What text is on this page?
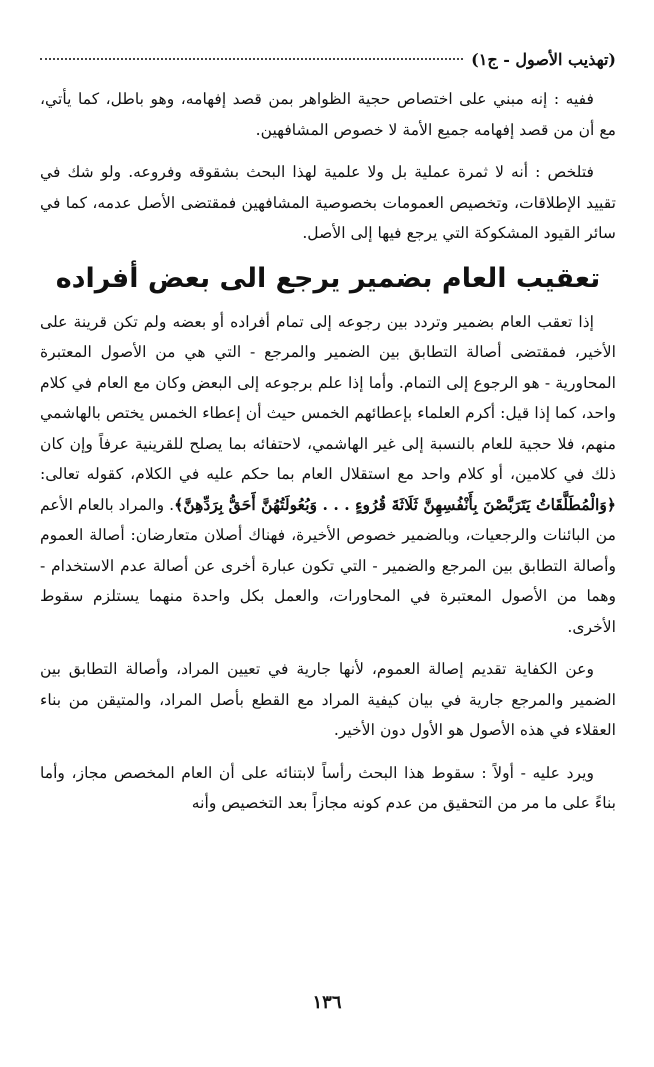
(تهذيب الأصول - ج١)

ففيه : إنه مبني على اختصاص حجية الظواهر بمن قصد إفهامه، وهو باطل، كما يأتي، مع أن من قصد إفهامه جميع الأمة لا خصوص المشافهين.

فتلخص : أنه لا ثمرة عملية بل ولا علمية لهذا البحث بشقوقه وفروعه. ولو شك في تقييد الإطلاقات، وتخصيص العمومات بخصوصية المشافهين فمقتضى الأصل عدمه، كما في سائر القيود المشكوكة التي يرجع فيها إلى الأصل.

تعقيب العام بضمير يرجع الى بعض أفراده

إذا تعقب العام بضمير وتردد بين رجوعه إلى تمام أفراده أو بعضه ولم تكن قرينة على الأخير، فمقتضى أصالة التطابق بين الضمير والمرجع - التي هي من الأصول المعتبرة المحاورية - هو الرجوع إلى التمام. وأما إذا علم برجوعه إلى البعض وكان مع العام في كلام واحد، كما إذا قيل: أكرم العلماء بإعطائهم الخمس حيث أن إعطاء الخمس يختص بالهاشمي منهم، فلا حجية للعام بالنسبة إلى غير الهاشمي، لاحتفائه بما يصلح للقرينية عرفاً وإن كان ذلك في كلامين، أو كلام واحد مع استقلال العام بما حكم عليه في الكلام، كقوله تعالى: ﴿وَالْمُطَلَّقَاتُ يَتَرَبَّصْنَ بِأَنْفُسِهِنَّ ثَلَاثَةَ قُرُوءٍ . . . وَبُعُولَتُهُنَّ أَحَقُّ بِرَدِّهِنَّ﴾. والمراد بالعام الأعم من البائنات والرجعيات، وبالضمير خصوص الأخيرة، فهناك أصلان متعارضان: أصالة العموم وأصالة التطابق بين المرجع والضمير - التي تكون عبارة أخرى عن أصالة عدم الاستخدام - وهما من الأصول المعتبرة في المحاورات، والعمل بكل واحدة منهما يستلزم سقوط الأخرى.

وعن الكفاية تقديم إصالة العموم، لأنها جارية في تعيين المراد، وأصالة التطابق بين الضمير والمرجع جارية في بيان كيفية المراد مع القطع بأصل المراد، والمتيقن من بناء العقلاء في هذه الأصول هو الأول دون الأخير.

ويرد عليه - أولاً : سقوط هذا البحث رأساً لابتنائه على أن العام المخصص مجاز، وأما بناءً على ما مر من التحقيق من عدم كونه مجازاً بعد التخصيص وأنه

١٣٦
